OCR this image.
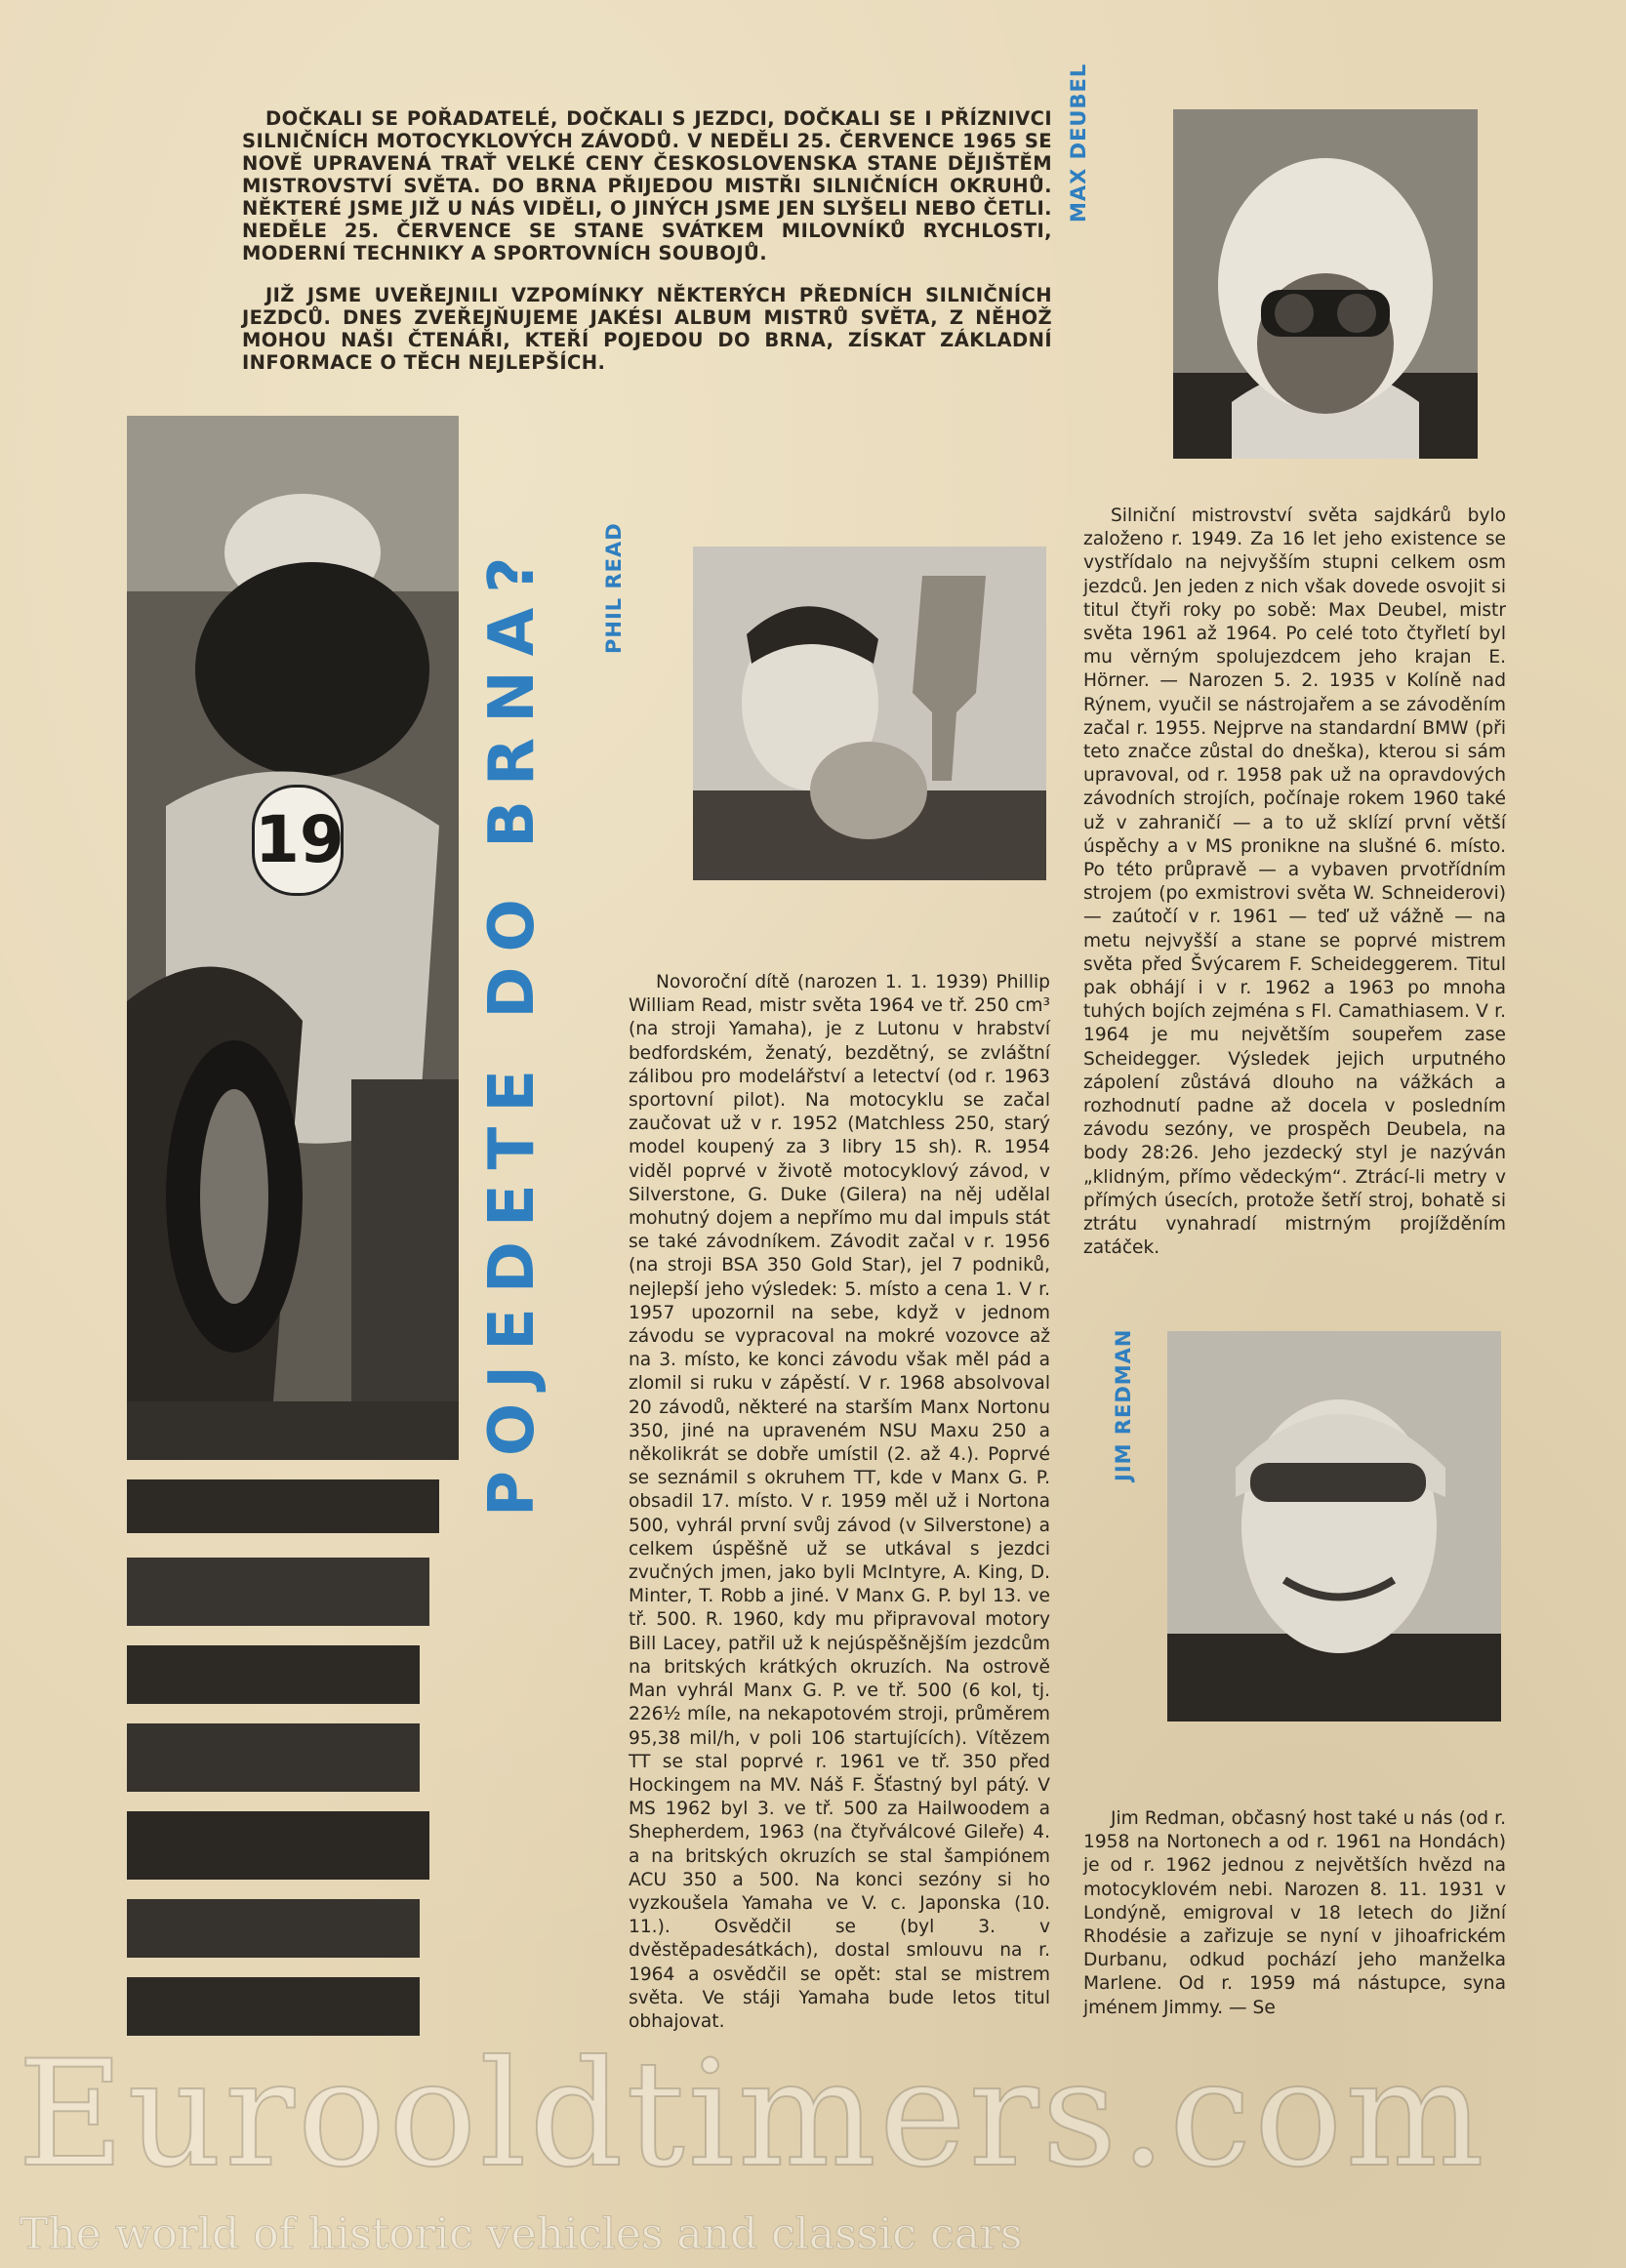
DOČKALI SE POŘADATELÉ, DOČKALI S JEZDCI, DOČKALI SE I PŘÍZNIVCI SILNIČNÍCH MOTOCYKLOVÝCH ZÁVODŮ. V NEDĚLI 25. ČERVENCE 1965 SE NOVĚ UPRAVENÁ TRAŤ VELKÉ CENY ČESKOSLOVENSKA STANE DĚJIŠTĚM MISTROVSTVÍ SVĚTA. DO BRNA PŘIJEDOU MISTŘI SILNIČNÍCH OKRUHŮ. NĚKTERÉ JSME JIŽ U NÁS VIDĚLI, O JINÝCH JSME JEN SLYŠELI NEBO ČETLI. NEDĚLE 25. ČERVENCE SE STANE SVÁTKEM MILOVNÍKŮ RYCHLOSTI, MODERNÍ TECHNIKY A SPORTOVNÍCH SOUBOJŮ.

JIŽ JSME UVEŘEJNILI VZPOMÍNKY NĚKTERÝCH PŘEDNÍCH SILNIČNÍCH JEZDCŮ. DNES ZVEŘEJŇUJEME JAKÉSI ALBUM MISTRŮ SVĚTA, Z NĚHOŽ MOHOU NAŠI ČTENÁŘI, KTEŘÍ POJEDOU DO BRNA, ZÍSKAT ZÁKLADNÍ INFORMACE O TĚCH NEJLEPŠÍCH.

MAX DEUBEL
19 POJEDETE DO BRNA?	PHIL READ

Novoroční dítě (narozen 1. 1. 1939) Phillip William Read, mistr světa 1964 ve tř. 250 cm³ (na stroji Yamaha), je z Lutonu v hrabství bedfordském, ženatý, bezdětný, se zvláštní zálibou pro modelářství a letectví (od r. 1963 sportovní pilot). Na motocyklu se začal zaučovat už v r. 1952 (Matchless 250, starý model koupený za 3 libry 15 sh). R. 1954 viděl poprvé v životě motocyklový závod, v Silverstone, G. Duke (Gilera) na něj udělal mohutný dojem a nepřímo mu dal impuls stát se také závodníkem. Závodit začal v r. 1956 (na stroji BSA 350 Gold Star), jel 7 podniků, nejlepší jeho výsledek: 5. místo a cena 1. V r. 1957 upozornil na sebe, když v jednom závodu se vypracoval na mokré vozovce až na 3. místo, ke konci závodu však měl pád a zlomil si ruku v zápěstí. V r. 1968 absolvoval 20 závodů, některé na starším Manx Nortonu 350, jiné na upraveném NSU Maxu 250 a několikrát se dobře umístil (2. až 4.). Poprvé se seznámil s okruhem TT, kde v Manx G. P. obsadil 17. místo. V r. 1959 měl už i Nortona 500, vyhrál první svůj závod (v Silverstone) a celkem úspěšně už se utkával s jezdci zvučných jmen, jako byli McIntyre, A. King, D. Minter, T. Robb a jiné. V Manx G. P. byl 13. ve tř. 500. R. 1960, kdy mu připravoval motory Bill Lacey, patřil už k nejúspěšnějším jezdcům na britských krátkých okruzích. Na ostrově Man vyhrál Manx G. P. ve tř. 500 (6 kol, tj. 226½ míle, na nekapotovém stroji, průměrem 95,38 mil/h, v poli 106 startujících). Vítězem TT se stal poprvé r. 1961 ve tř. 350 před Hockingem na MV. Náš F. Šťastný byl pátý. V MS 1962 byl 3. ve tř. 500 za Hailwoodem a Shepherdem, 1963 (na čtyřválcové Gileře) 4. a na britských okruzích se stal šampiónem ACU 350 a 500. Na konci sezóny si ho vyzkoušela Yamaha ve V. c. Japonska (10. 11.). Osvědčil se (byl 3. v dvěstěpadesátkách), dostal smlouvu na r. 1964 a osvědčil se opět: stal se mistrem světa. Ve stáji Yamaha bude letos titul obhajovat.

Silniční mistrovství světa sajdkárů bylo založeno r. 1949. Za 16 let jeho existence se vystřídalo na nejvyšším stupni celkem osm jezdců. Jen jeden z nich však dovede osvojit si titul čtyři roky po sobě: Max Deubel, mistr světa 1961 až 1964. Po celé toto čtyřletí byl mu věrným spolujezdcem jeho krajan E. Hörner. — Narozen 5. 2. 1935 v Kolíně nad Rýnem, vyučil se nástrojařem a se závoděním začal r. 1955. Nejprve na standardní BMW (při teto značce zůstal do dneška), kterou si sám upravoval, od r. 1958 pak už na opravdových závodních strojích, počínaje rokem 1960 také už v zahraničí — a to už sklízí první větší úspěchy a v MS proniknе na slušné 6. místo. Po této průpravě — a vybaven prvotřídním strojem (po exmistrovi světa W. Schneiderovi) — zaútočí v r. 1961 — teď už vážně — na metu nejvyšší a stane se poprvé mistrem světa před Švýcarem F. Scheideggerem. Titul pak obhájí i v r. 1962 a 1963 po mnoha tuhých bojích zejména s Fl. Camathiasem. V r. 1964 je mu největším soupeřem zase Scheidegger. Výsledek jejich urputného zápolení zůstává dlouho na vážkách a rozhodnutí padne až docela v posledním závodu sezóny, ve prospěch Deubela, na body 28:26. Jeho jezdecký styl je nazýván „klidným, přímo vědeckým“. Ztrácí-li metry v přímých úsecích, protože šetří stroj, bohatě si ztrátu vynahradí mistrným projížděním zatáček.

JIM REDMAN

Jim Redman, občasný host také u nás (od r. 1958 na Nortonech a od r. 1961 na Hondách) je od r. 1962 jednou z největších hvězd na motocyklovém nebi. Narozen 8. 11. 1931 v Londýně, emigroval v 18 letech do Jižní Rhodésie a zařizuje se nyní v jihoafrickém Durbanu, odkud pochází jeho manželka Marlene. Od r. 1959 má nástupce, syna jménem Jimmy. — Se

Eurooldtimers.com
The world of historic vehicles and classic cars
